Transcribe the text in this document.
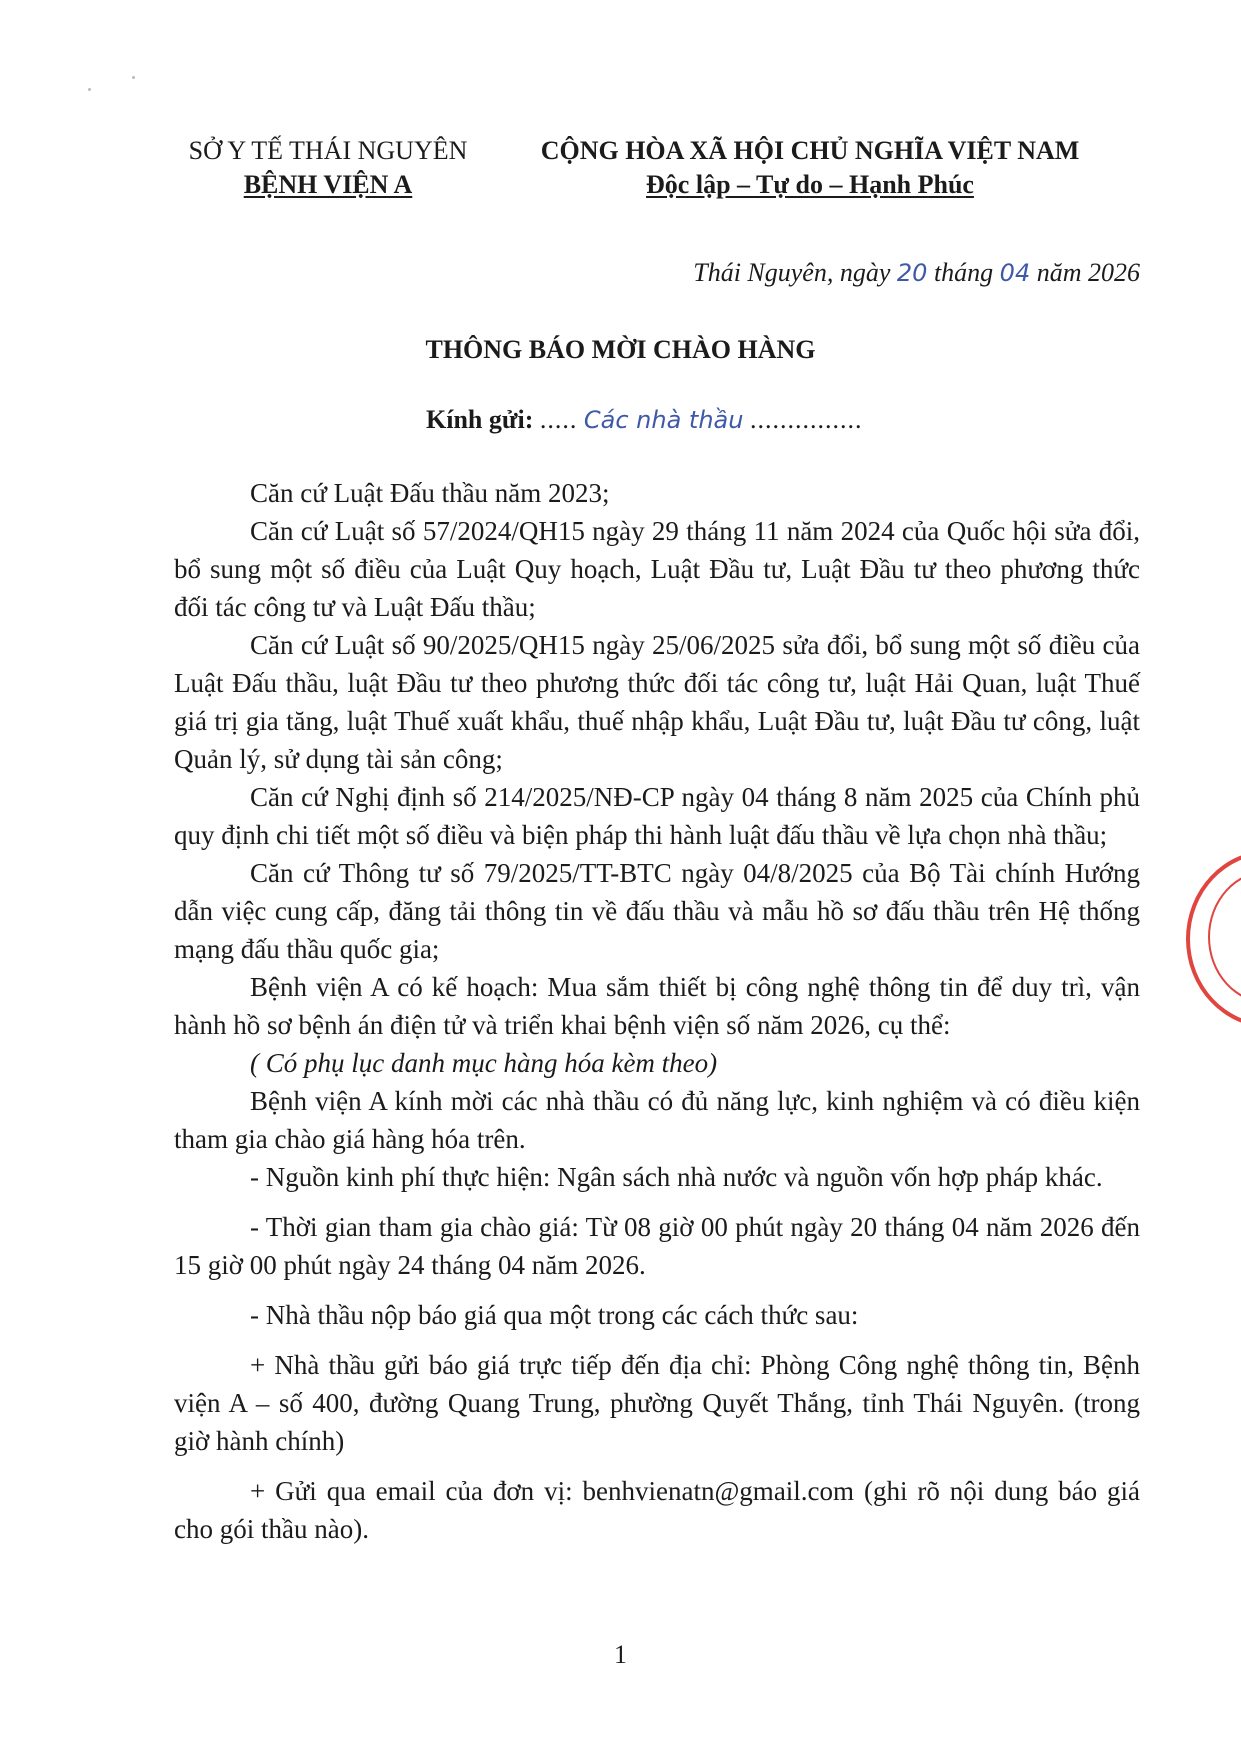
SỞ Y TẾ THÁI NGUYÊN
BỆNH VIỆN A
CỘNG HÒA XÃ HỘI CHỦ NGHĨA VIỆT NAM
Độc lập – Tự do – Hạnh Phúc
Thái Nguyên, ngày 20 tháng 04 năm 2026
THÔNG BÁO MỜI CHÀO HÀNG
Kính gửi: ..... Các nhà thầu ...............

Căn cứ Luật Đấu thầu năm 2023;

Căn cứ Luật số 57/2024/QH15 ngày 29 tháng 11 năm 2024 của Quốc hội sửa đổi, bổ sung một số điều của Luật Quy hoạch, Luật Đầu tư, Luật Đầu tư theo phương thức đối tác công tư và Luật Đấu thầu;

Căn cứ Luật số 90/2025/QH15 ngày 25/06/2025 sửa đổi, bổ sung một số điều của Luật Đấu thầu, luật Đầu tư theo phương thức đối tác công tư, luật Hải Quan, luật Thuế giá trị gia tăng, luật Thuế xuất khẩu, thuế nhập khẩu, Luật Đầu tư, luật Đầu tư công, luật Quản lý, sử dụng tài sản công;

Căn cứ Nghị định số 214/2025/NĐ-CP ngày 04 tháng 8 năm 2025 của Chính phủ quy định chi tiết một số điều và biện pháp thi hành luật đấu thầu về lựa chọn nhà thầu;

Căn cứ Thông tư số 79/2025/TT-BTC ngày 04/8/2025 của Bộ Tài chính Hướng dẫn việc cung cấp, đăng tải thông tin về đấu thầu và mẫu hồ sơ đấu thầu trên Hệ thống mạng đấu thầu quốc gia;

Bệnh viện A có kế hoạch: Mua sắm thiết bị công nghệ thông tin để duy trì, vận hành hồ sơ bệnh án điện tử và triển khai bệnh viện số năm 2026, cụ thể:

( Có phụ lục danh mục hàng hóa kèm theo)

Bệnh viện A kính mời các nhà thầu có đủ năng lực, kinh nghiệm và có điều kiện tham gia chào giá hàng hóa trên.

- Nguồn kinh phí thực hiện: Ngân sách nhà nước và nguồn vốn hợp pháp khác.

- Thời gian tham gia chào giá: Từ 08 giờ 00 phút ngày 20 tháng 04 năm 2026 đến 15 giờ 00 phút ngày 24 tháng 04 năm 2026.

- Nhà thầu nộp báo giá qua một trong các cách thức sau:

+ Nhà thầu gửi báo giá trực tiếp đến địa chỉ: Phòng Công nghệ thông tin, Bệnh viện A – số 400, đường Quang Trung, phường Quyết Thắng, tỉnh Thái Nguyên. (trong giờ hành chính)

+ Gửi qua email của đơn vị: benhvienatn@gmail.com (ghi rõ nội dung báo giá cho gói thầu nào).

1
